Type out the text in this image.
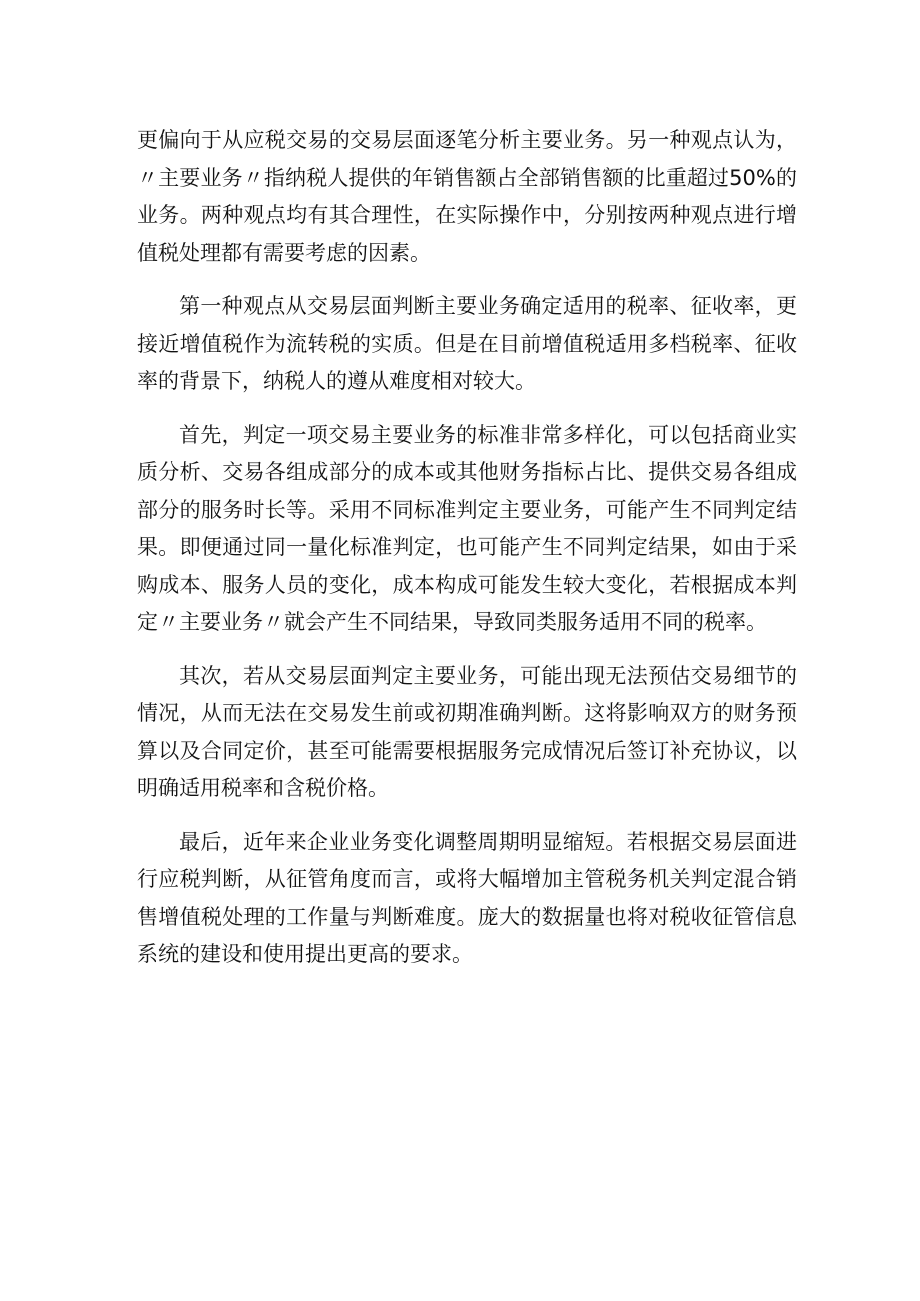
更偏向于从应税交易的交易层面逐笔分析主要业务。另一种观点认为，〃主要业务〃指纳税人提供的年销售额占全部销售额的比重超过50%的业务。两种观点均有其合理性，在实际操作中，分别按两种观点进行增值税处理都有需要考虑的因素。

第一种观点从交易层面判断主要业务确定适用的税率、征收率，更接近增值税作为流转税的实质。但是在目前增值税适用多档税率、征收率的背景下，纳税人的遵从难度相对较大。

首先，判定一项交易主要业务的标准非常多样化，可以包括商业实质分析、交易各组成部分的成本或其他财务指标占比、提供交易各组成部分的服务时长等。采用不同标准判定主要业务，可能产生不同判定结果。即便通过同一量化标准判定，也可能产生不同判定结果，如由于采购成本、服务人员的变化，成本构成可能发生较大变化，若根据成本判定〃主要业务〃就会产生不同结果，导致同类服务适用不同的税率。

其次，若从交易层面判定主要业务，可能出现无法预估交易细节的情况，从而无法在交易发生前或初期准确判断。这将影响双方的财务预算以及合同定价，甚至可能需要根据服务完成情况后签订补充协议，以明确适用税率和含税价格。

最后，近年来企业业务变化调整周期明显缩短。若根据交易层面进行应税判断，从征管角度而言，或将大幅增加主管税务机关判定混合销售增值税处理的工作量与判断难度。庞大的数据量也将对税收征管信息系统的建设和使用提出更高的要求。
